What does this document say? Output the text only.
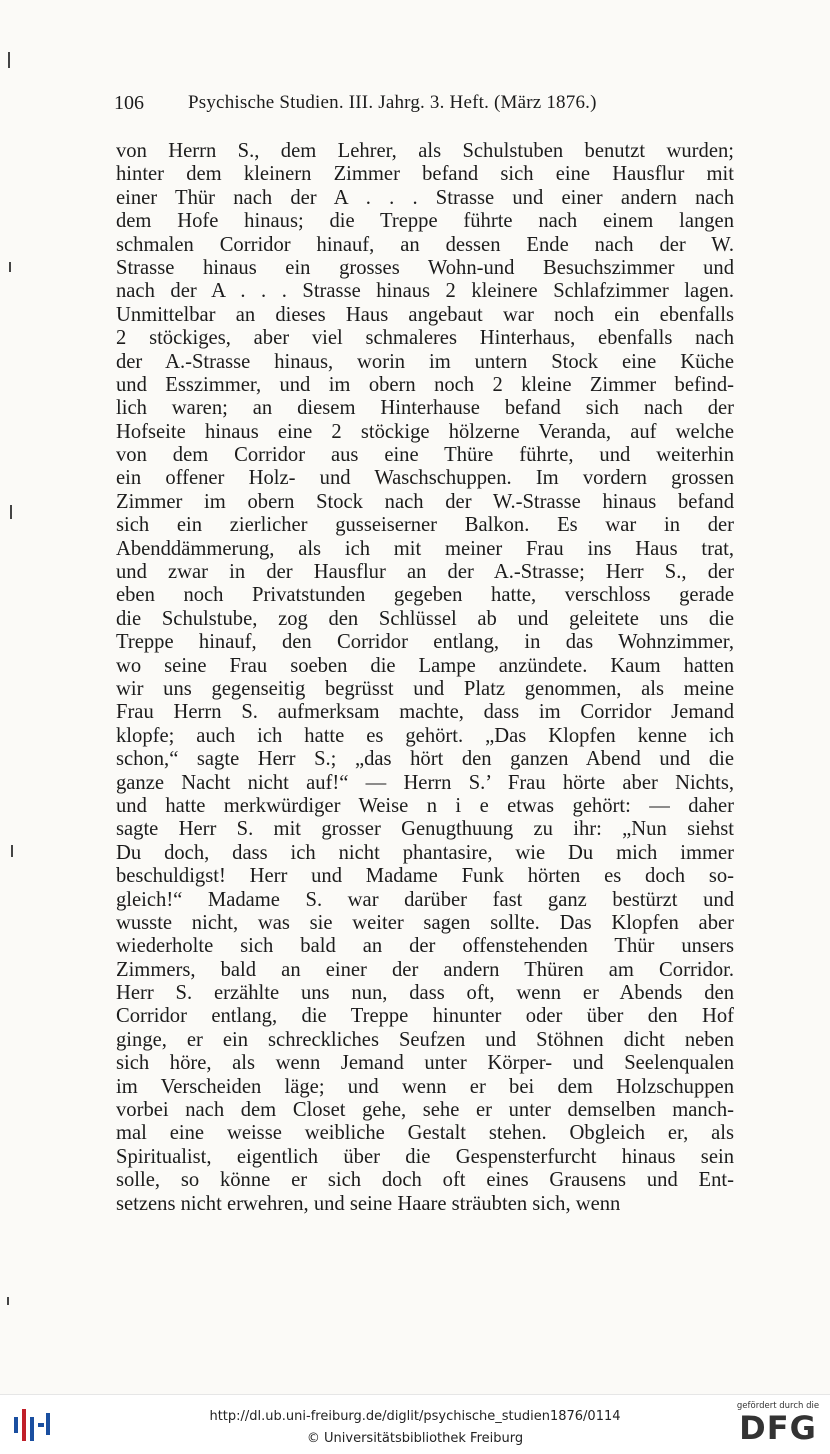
106 Psychische Studien. III. Jahrg. 3. Heft. (März 1876.)
von Herrn S., dem Lehrer, als Schulstuben benutzt wurden;
hinter dem kleinern Zimmer befand sich eine Hausflur mit
einer Thür nach der A . . . Strasse und einer andern nach
dem Hofe hinaus; die Treppe führte nach einem langen
schmalen Corridor hinauf, an dessen Ende nach der W.
Strasse hinaus ein grosses Wohn-und Besuchszimmer und
nach der A . . . Strasse hinaus 2 kleinere Schlafzimmer lagen.
Unmittelbar an dieses Haus angebaut war noch ein ebenfalls
2 stöckiges, aber viel schmaleres Hinterhaus, ebenfalls nach
der A.-Strasse hinaus, worin im untern Stock eine Küche
und Esszimmer, und im obern noch 2 kleine Zimmer befind-
lich waren; an diesem Hinterhause befand sich nach der
Hofseite hinaus eine 2 stöckige hölzerne Veranda, auf welche
von dem Corridor aus eine Thüre führte, und weiterhin
ein offener Holz- und Waschschuppen. Im vordern grossen
Zimmer im obern Stock nach der W.-Strasse hinaus befand
sich ein zierlicher gusseiserner Balkon. Es war in der
Abenddämmerung, als ich mit meiner Frau ins Haus trat,
und zwar in der Hausflur an der A.-Strasse; Herr S., der
eben noch Privatstunden gegeben hatte, verschloss gerade
die Schulstube, zog den Schlüssel ab und geleitete uns die
Treppe hinauf, den Corridor entlang, in das Wohnzimmer,
wo seine Frau soeben die Lampe anzündete. Kaum hatten
wir uns gegenseitig begrüsst und Platz genommen, als meine
Frau Herrn S. aufmerksam machte, dass im Corridor Jemand
klopfe; auch ich hatte es gehört. „Das Klopfen kenne ich
schon,“ sagte Herr S.; „das hört den ganzen Abend und die
ganze Nacht nicht auf!“ — Herrn S.’ Frau hörte aber Nichts,
und hatte merkwürdiger Weise n i e etwas gehört: — daher
sagte Herr S. mit grosser Genugthuung zu ihr: „Nun siehst
Du doch, dass ich nicht phantasire, wie Du mich immer
beschuldigst! Herr und Madame Funk hörten es doch so-
gleich!“ Madame S. war darüber fast ganz bestürzt und
wusste nicht, was sie weiter sagen sollte. Das Klopfen aber
wiederholte sich bald an der offenstehenden Thür unsers
Zimmers, bald an einer der andern Thüren am Corridor.
Herr S. erzählte uns nun, dass oft, wenn er Abends den
Corridor entlang, die Treppe hinunter oder über den Hof
ginge, er ein schreckliches Seufzen und Stöhnen dicht neben
sich höre, als wenn Jemand unter Körper- und Seelenqualen
im Verscheiden läge; und wenn er bei dem Holzschuppen
vorbei nach dem Closet gehe, sehe er unter demselben manch-
mal eine weisse weibliche Gestalt stehen. Obgleich er, als
Spiritualist, eigentlich über die Gespensterfurcht hinaus sein
solle, so könne er sich doch oft eines Grausens und Ent-
setzens nicht erwehren, und seine Haare sträubten sich, wenn
http://dl.ub.uni-freiburg.de/diglit/psychische_studien1876/0114
© Universitätsbibliothek Freiburg
gefördert durch die
DFG
